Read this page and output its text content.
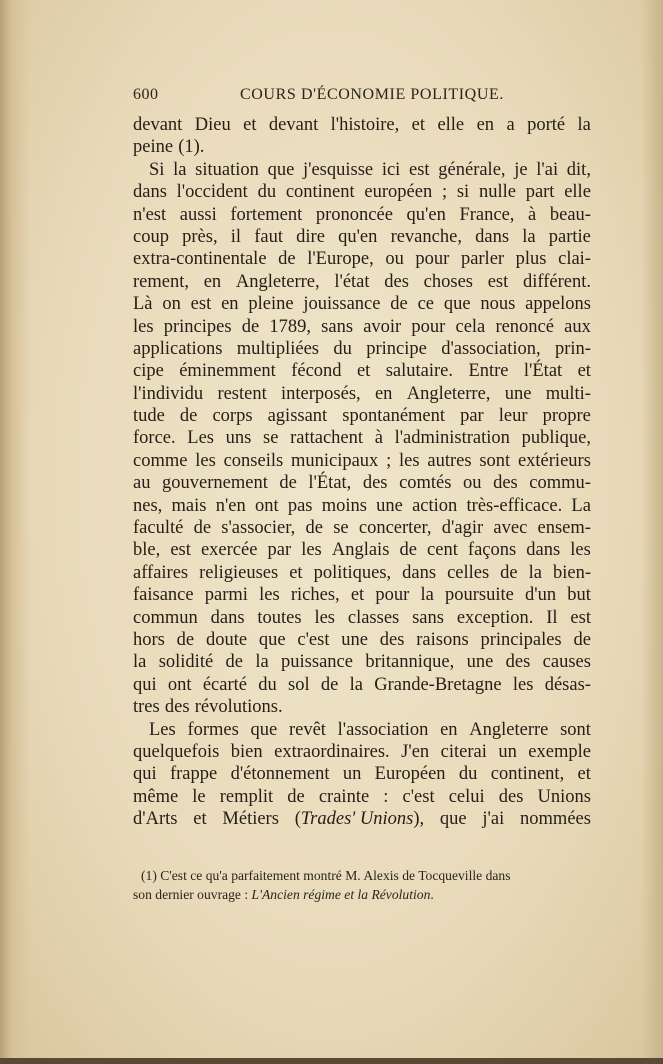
600	COURS D'ÉCONOMIE POLITIQUE.
devant Dieu et devant l'histoire, et elle en a porté la
peine (1).
Si la situation que j'esquisse ici est générale, je l'ai dit,
dans l'occident du continent européen ; si nulle part elle
n'est aussi fortement prononcée qu'en France, à beau-
coup près, il faut dire qu'en revanche, dans la partie
extra-continentale de l'Europe, ou pour parler plus clai-
rement, en Angleterre, l'état des choses est différent.
Là on est en pleine jouissance de ce que nous appelons
les principes de 1789, sans avoir pour cela renoncé aux
applications multipliées du principe d'association, prin-
cipe éminemment fécond et salutaire. Entre l'État et
l'individu restent interposés, en Angleterre, une multi-
tude de corps agissant spontanément par leur propre
force. Les uns se rattachent à l'administration publique,
comme les conseils municipaux ; les autres sont extérieurs
au gouvernement de l'État, des comtés ou des commu-
nes, mais n'en ont pas moins une action très-efficace. La
faculté de s'associer, de se concerter, d'agir avec ensem-
ble, est exercée par les Anglais de cent façons dans les
affaires religieuses et politiques, dans celles de la bien-
faisance parmi les riches, et pour la poursuite d'un but
commun dans toutes les classes sans exception. Il est
hors de doute que c'est une des raisons principales de
la solidité de la puissance britannique, une des causes
qui ont écarté du sol de la Grande-Bretagne les désas-
tres des révolutions.
Les formes que revêt l'association en Angleterre sont
quelquefois bien extraordinaires. J'en citerai un exemple
qui frappe d'étonnement un Européen du continent, et
même le remplit de crainte : c'est celui des Unions
d'Arts et Métiers (Trades' Unions), que j'ai nommées
(1) C'est ce qu'a parfaitement montré M. Alexis de Tocqueville dans
son dernier ouvrage : L'Ancien régime et la Révolution.
